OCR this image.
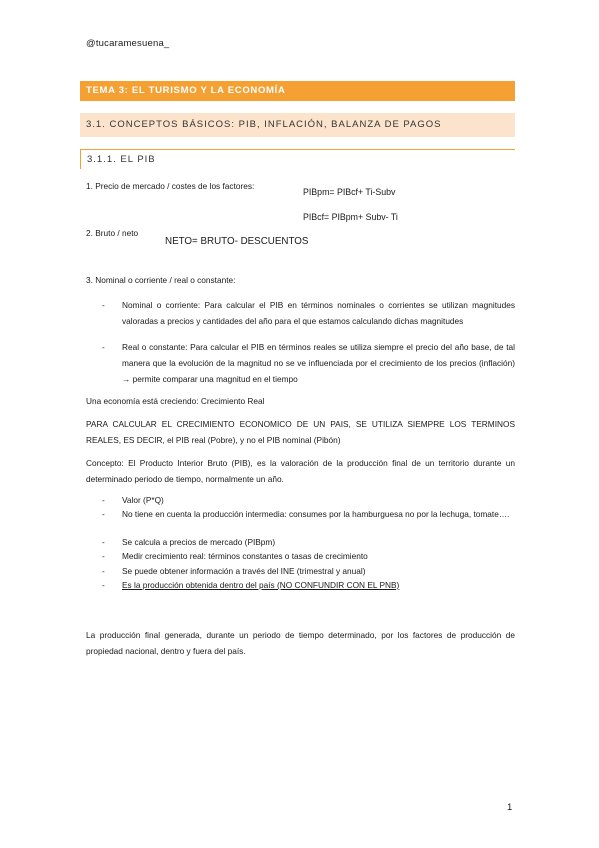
@tucaramesuena_
TEMA 3: EL TURISMO Y LA ECONOMÍA
3.1. CONCEPTOS BÁSICOS: PIB, INFLACIÓN, BALANZA DE PAGOS
3.1.1. EL PIB
1. Precio de mercado / costes de los factores:
PIBpm= PIBcf+ Ti-Subv
PIBcf= PIBpm+ Subv- Ti
2. Bruto / neto
NETO= BRUTO- DESCUENTOS
3. Nominal o corriente / real o constante:
- Nominal o corriente: Para calcular el PIB en términos nominales o corrientes se utilizan magnitudes valoradas a precios y cantidades del año para el que estamos calculando dichas magnitudes
- Real o constante: Para calcular el PIB en términos reales se utiliza siempre el precio del año base, de tal manera que la evolución de la magnitud no se ve influenciada por el crecimiento de los precios (inflación) → permite comparar una magnitud en el tiempo
Una economía está creciendo: Crecimiento Real
PARA CALCULAR EL CRECIMIENTO ECONOMICO DE UN PAIS, SE UTILIZA SIEMPRE LOS TERMINOS REALES, ES DECIR, el PIB real (Pobre), y no el PIB nominal (Pibón)
Concepto: El Producto Interior Bruto (PIB), es la valoración de la producción final de un territorio durante un determinado periodo de tiempo, normalmente un año.
- Valor (P*Q)
- No tiene en cuenta la producción intermedia: consumes por la hamburguesa no por la lechuga, tomate….
- Se calcula a precios de mercado (PIBpm)
- Medir crecimiento real: términos constantes o tasas de crecimiento
- Se puede obtener información a través del INE (trimestral y anual)
- Es la producción obtenida dentro del país (NO CONFUNDIR CON EL PNB)
La producción final generada, durante un periodo de tiempo determinado, por los factores de producción de propiedad nacional, dentro y fuera del país.
1
